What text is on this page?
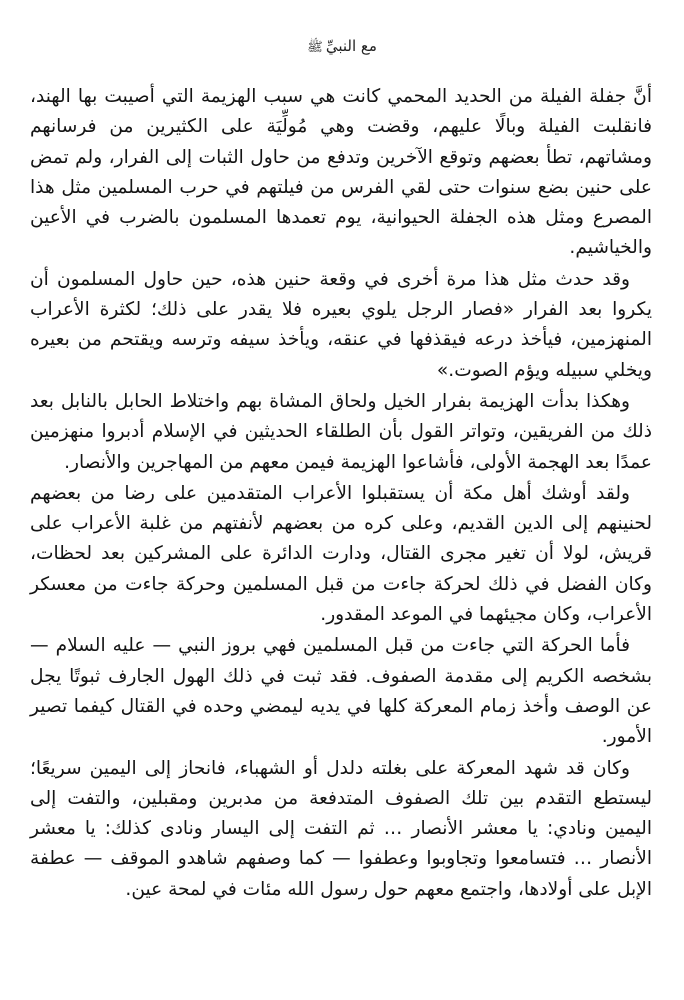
مع النبيِّﷺ

أنَّ جفلة الفيلة من الحديد المحمي كانت هي سبب الهزيمة التي أصيبت بها الهند، فانقلبت الفيلة وبالًا عليهم، وقضت وهي مُولِّيَة على الكثيرين من فرسانهم ومشاتهم، تطأ بعضهم وتوقع الآخرين وتدفع من حاول الثبات إلى الفرار، ولم تمض على حنين بضع سنوات حتى لقي الفرس من فيلتهم في حرب المسلمين مثل هذا المصرع ومثل هذه الجفلة الحيوانية، يوم تعمدها المسلمون بالضرب في الأعين والخياشيم.

وقد حدث مثل هذا مرة أخرى في وقعة حنين هذه، حين حاول المسلمون أن يكروا بعد الفرار «فصار الرجل يلوي بعيره فلا يقدر على ذلك؛ لكثرة الأعراب المنهزمين، فيأخذ درعه فيقذفها في عنقه، ويأخذ سيفه وترسه ويقتحم من بعيره ويخلي سبيله ويؤم الصوت.»

وهكذا بدأت الهزيمة بفرار الخيل ولحاق المشاة بهم واختلاط الحابل بالنابل بعد ذلك من الفريقين، وتواتر القول بأن الطلقاء الحديثين في الإسلام أدبروا منهزمين عمدًا بعد الهجمة الأولى، فأشاعوا الهزيمة فيمن معهم من المهاجرين والأنصار.

ولقد أوشك أهل مكة أن يستقبلوا الأعراب المتقدمين على رضا من بعضهم لحنينهم إلى الدين القديم، وعلى كره من بعضهم لأنفتهم من غلبة الأعراب على قريش، لولا أن تغير مجرى القتال، ودارت الدائرة على المشركين بعد لحظات، وكان الفضل في ذلك لحركة جاءت من قبل المسلمين وحركة جاءت من معسكر الأعراب، وكان مجيئهما في الموعد المقدور.

فأما الحركة التي جاءت من قبل المسلمين فهي بروز النبي — عليه السلام — بشخصه الكريم إلى مقدمة الصفوف. فقد ثبت في ذلك الهول الجارف ثبوتًا يجل عن الوصف وأخذ زمام المعركة كلها في يديه ليمضي وحده في القتال كيفما تصير الأمور.

وكان قد شهد المعركة على بغلته دلدل أو الشهباء، فانحاز إلى اليمين سريعًا؛ ليستطع التقدم بين تلك الصفوف المتدفعة من مدبرين ومقبلين، والتفت إلى اليمين ونادي: يا معشر الأنصار … ثم التفت إلى اليسار ونادى كذلك: يا معشر الأنصار … فتسامعوا وتجاوبوا وعطفوا — كما وصفهم شاهدو الموقف — عطفة الإبل على أولادها، واجتمع معهم حول رسول الله مئات في لمحة عين.
